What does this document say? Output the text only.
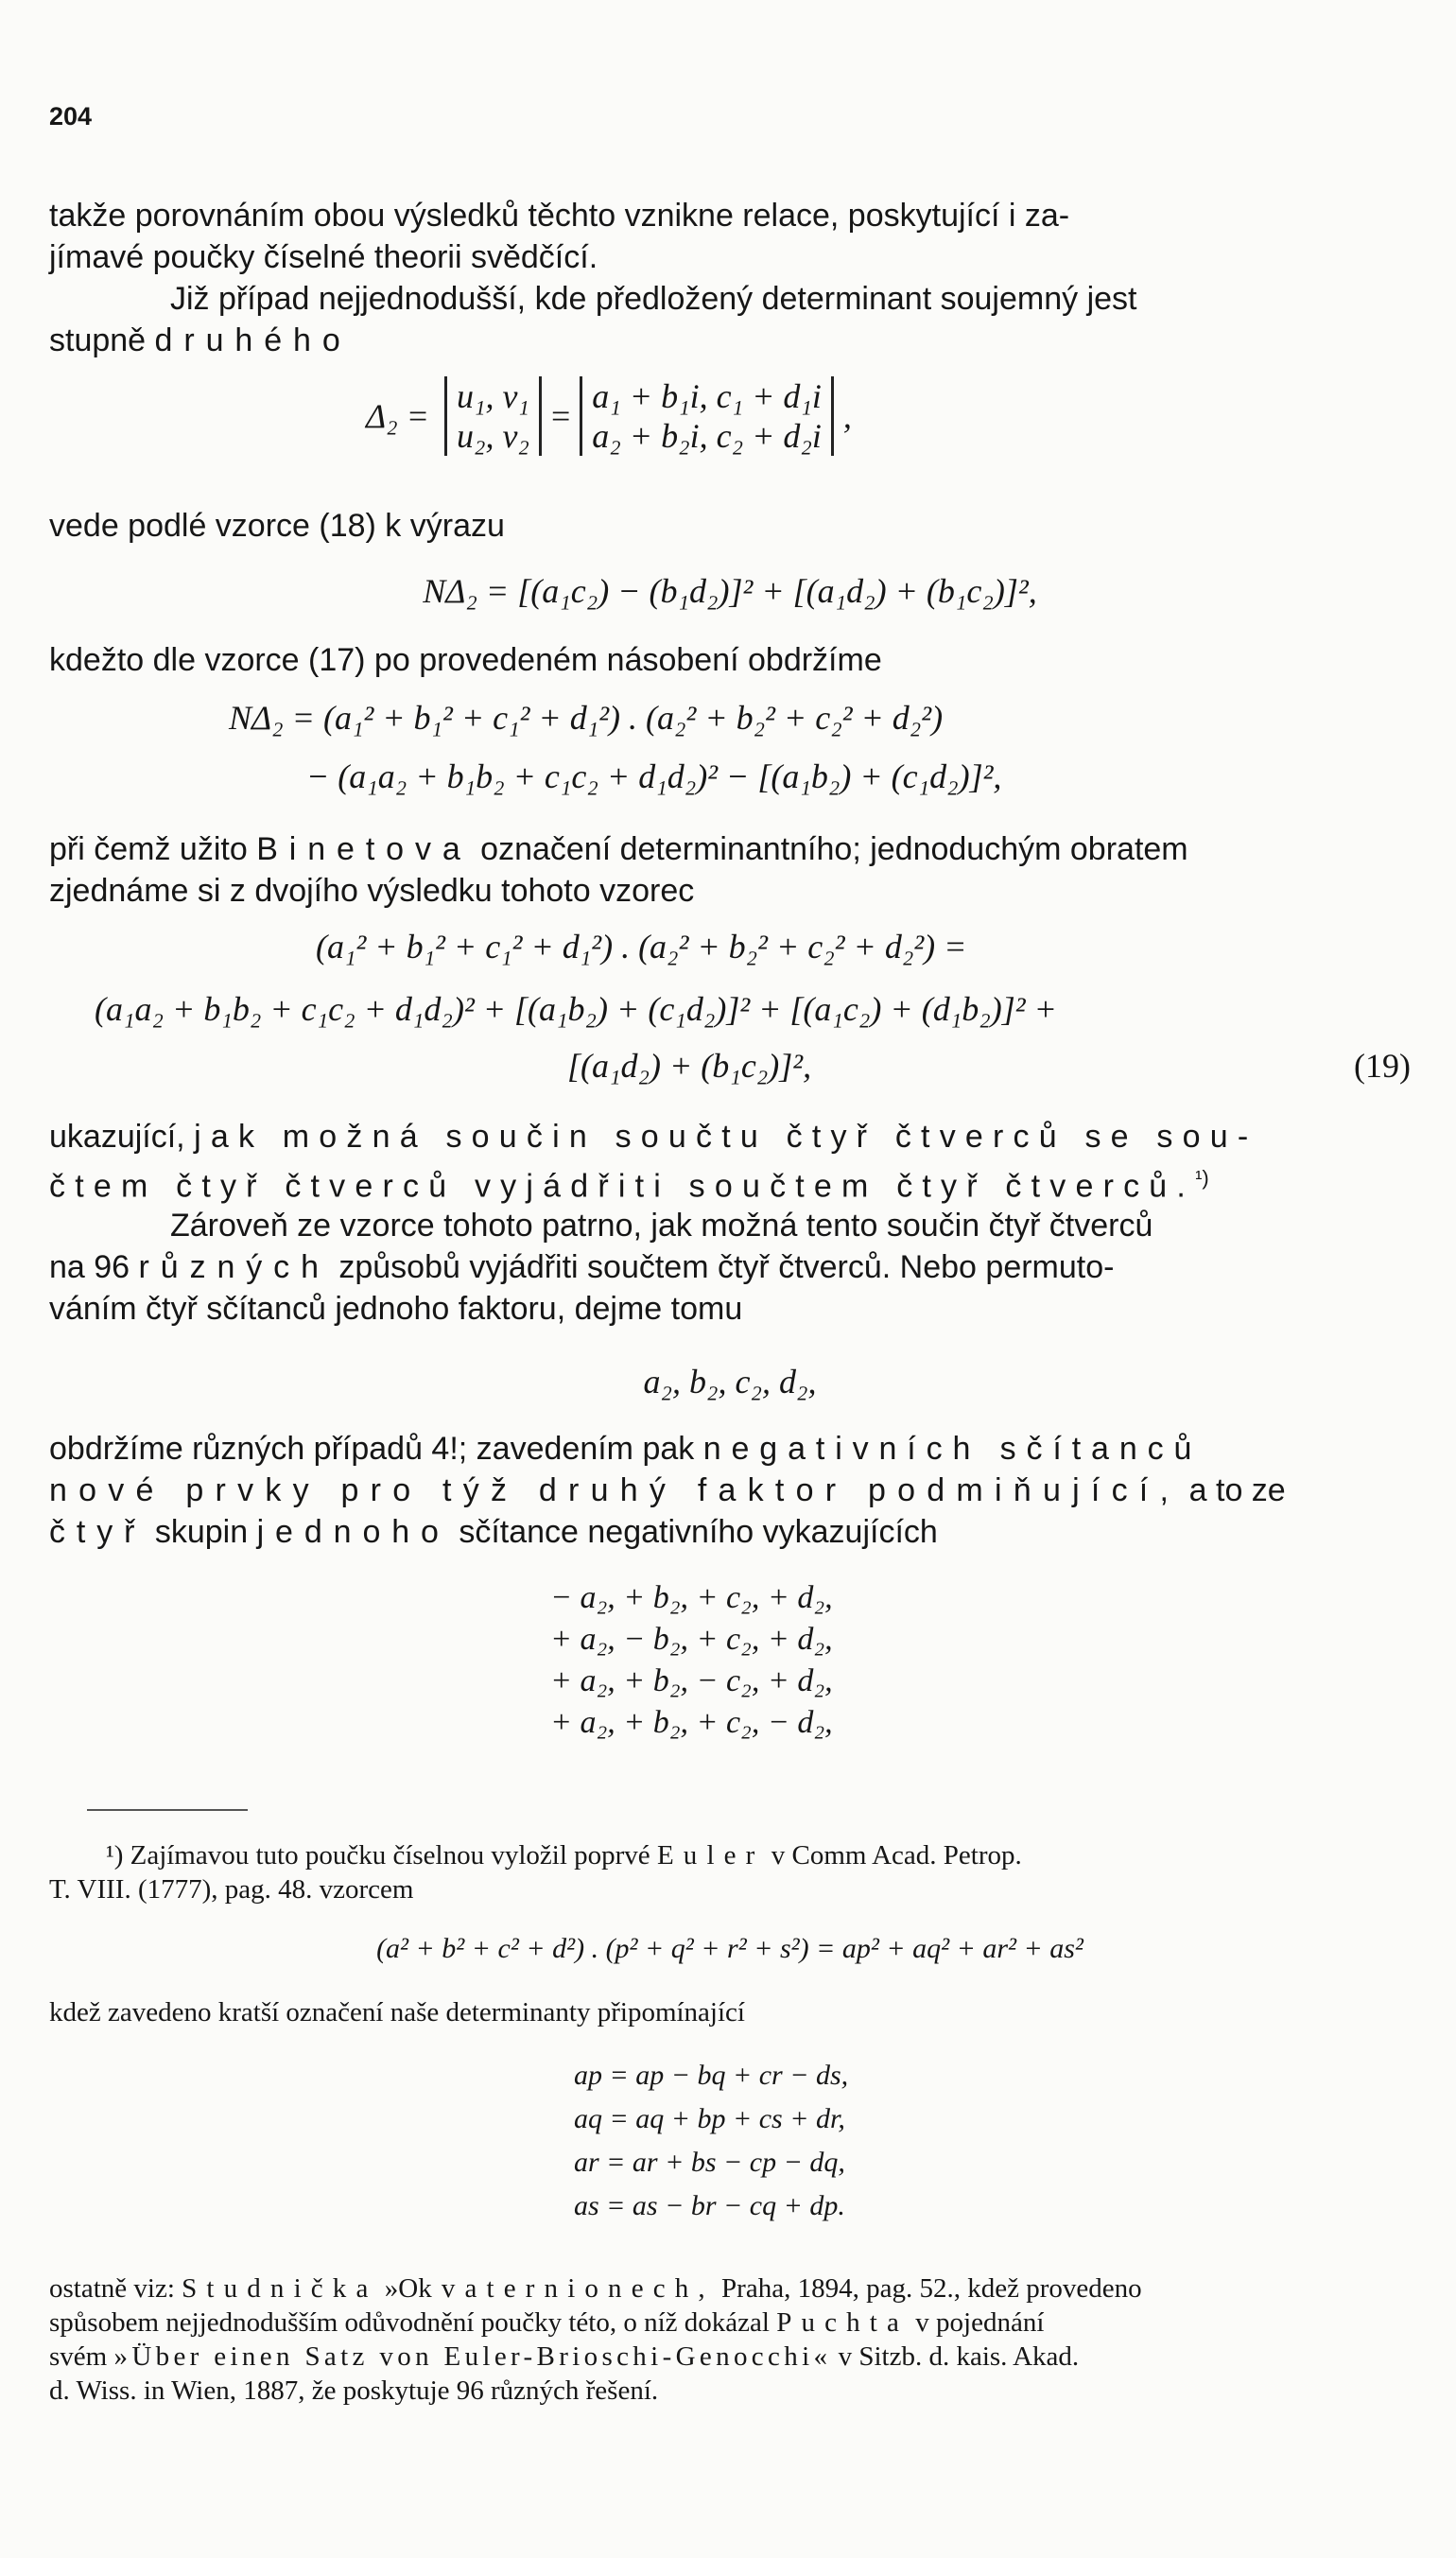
204
takže porovnáním obou výsledků těchto vznikne relace, poskytující i za-
jímavé poučky číselné theorii svědčící.
Již případ nejjednodušší, kde předložený determinant soujemný jest
stupně druhého
Δ₂ =
u₁, v₁
u₂, v₂
=
a₁ + b₁i, c₁ + d₁i
a₂ + b₂i, c₂ + d₂i
,
vede podlé vzorce (18) k výrazu
NΔ₂ = [(a₁c₂) − (b₁d₂)]² + [(a₁d₂) + (b₁c₂)]²,
kdežto dle vzorce (17) po provedeném násobení obdržíme
NΔ₂ = (a₁² + b₁² + c₁² + d₁²) . (a₂² + b₂² + c₂² + d₂²)
− (a₁a₂ + b₁b₂ + c₁c₂ + d₁d₂)² − [(a₁b₂) + (c₁d₂)]²,
při čemž užito Binetova označení determinantního; jednoduchým obratem
zjednáme si z dvojího výsledku tohoto vzorec
(a₁² + b₁² + c₁² + d₁²) . (a₂² + b₂² + c₂² + d₂²) =
(a₁a₂ + b₁b₂ + c₁c₂ + d₁d₂)² + [(a₁b₂) + (c₁d₂)]² + [(a₁c₂) + (d₁b₂)]² +
[(a₁d₂) + (b₁c₂)]²,	(19)
ukazující, jak možná součin součtu čtyř čtverců se sou-
čtem čtyř čtverců vyjádřiti součtem čtyř čtverců.$^{^1)}$
Zároveň ze vzorce tohoto patrno, jak možná tento součin čtyř čtverců
na 96 různých způsobů vyjádřiti součtem čtyř čtverců. Nebo permuto-
váním čtyř sčítanců jednoho faktoru, dejme tomu
a₂, b₂, c₂, d₂,
obdržíme různých případů 4!; zavedením pak negativních sčítanců
nové prvky pro týž druhý faktor podmiňující, a to ze
čtyř skupin jednoho sčítance negativního vykazujících
− a₂, + b₂, + c₂, + d₂,
+ a₂, − b₂, + c₂, + d₂,
+ a₂, + b₂, − c₂, + d₂,
+ a₂, + b₂, + c₂, − d₂,
¹) Zajímavou tuto poučku číselnou vyložil poprvé Euler v Comm Acad. Petrop.
T. VIII. (1777), pag. 48. vzorcem
(a² + b² + c² + d²) . (p² + q² + r² + s²) = ap² + aq² + ar² + as²
kdež zavedeno kratší označení naše determinanty připomínající
ap = ap − bq + cr − ds,
aq = aq + bp + cs + dr,
ar = ar + bs − cp − dq,
as = as − br − cq + dp.
ostatně viz: Studnička »Okvaternionech, Praha, 1894, pag. 52., kdež provedeno
spůsobem nejjednodušším odůvodnění poučky této, o níž dokázal Puchta v pojednání
svém »Über einen Satz von Euler-Brioschi-Genocchi« v Sitzb. d. kais. Akad.
d. Wiss. in Wien, 1887, že poskytuje 96 různých řešení.
